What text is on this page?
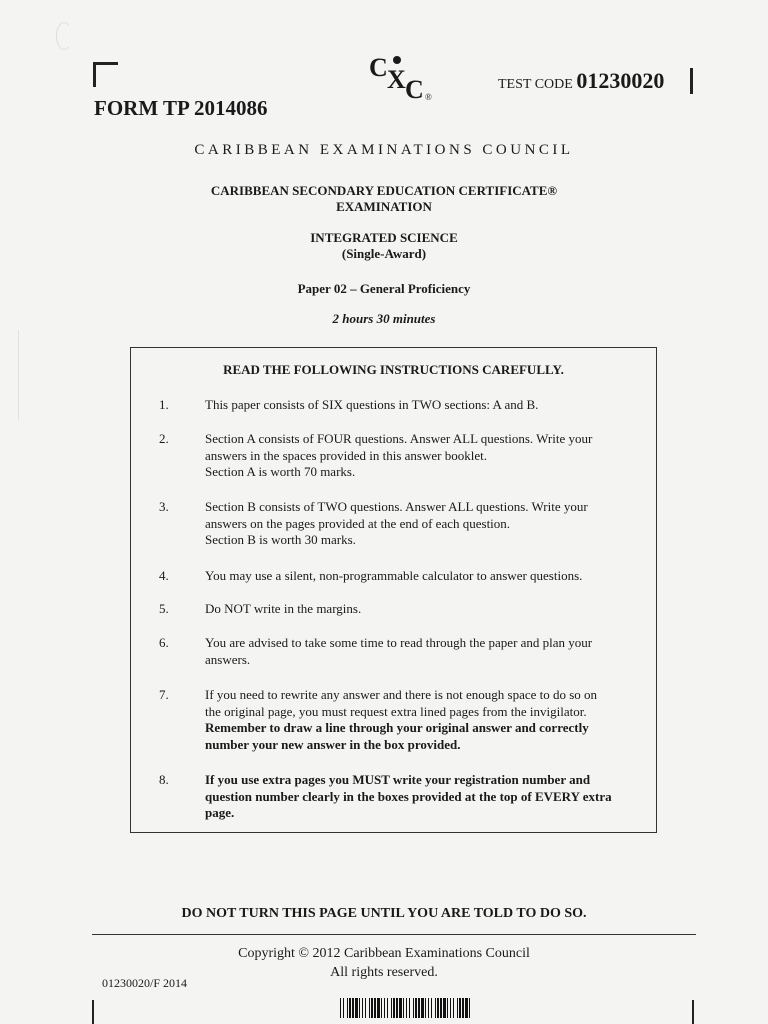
C X C ®
TEST CODE 01230020
FORM TP 2014086
CARIBBEAN EXAMINATIONS COUNCIL
CARIBBEAN SECONDARY EDUCATION CERTIFICATE®
EXAMINATION
INTEGRATED SCIENCE
(Single-Award)
Paper 02 – General Proficiency
2 hours 30 minutes
READ THE FOLLOWING INSTRUCTIONS CAREFULLY.
1.	This paper consists of SIX questions in TWO sections: A and B.
2.	Section A consists of FOUR questions. Answer ALL questions. Write your
answers in the spaces provided in this answer booklet.
Section A is worth 70 marks.
3.	Section B consists of TWO questions. Answer ALL questions. Write your
answers on the pages provided at the end of each question.
Section B is worth 30 marks.
4.	You may use a silent, non-programmable calculator to answer questions.
5.	Do NOT write in the margins.
6.	You are advised to take some time to read through the paper and plan your
answers.
7.	If you need to rewrite any answer and there is not enough space to do so on
the original page, you must request extra lined pages from the invigilator.
Remember to draw a line through your original answer and correctly
number your new answer in the box provided.
8.	If you use extra pages you MUST write your registration number and
question number clearly in the boxes provided at the top of EVERY extra
page.
DO NOT TURN THIS PAGE UNTIL YOU ARE TOLD TO DO SO.
Copyright © 2012 Caribbean Examinations Council
All rights reserved.
01230020/F 2014
